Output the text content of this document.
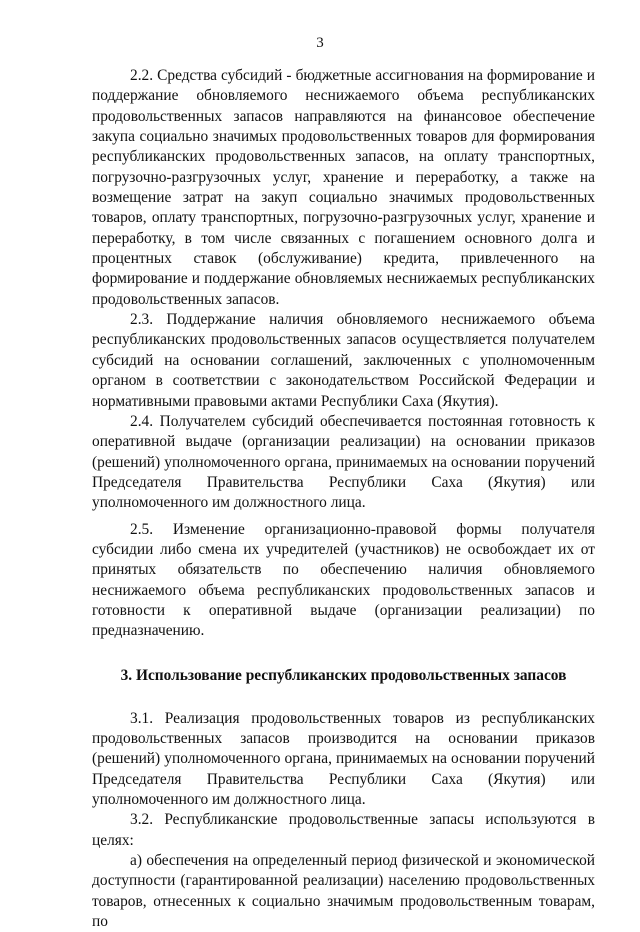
3

2.2. Средства субсидий - бюджетные ассигнования на формирование и поддержание обновляемого неснижаемого объема республиканских продовольственных запасов направляются на финансовое обеспечение закупа социально значимых продовольственных товаров для формирования республиканских продовольственных запасов, на оплату транспортных, погрузочно-разгрузочных услуг, хранение и переработку, а также на возмещение затрат на закуп социально значимых продовольственных товаров, оплату транспортных, погрузочно-разгрузочных услуг, хранение и переработку, в том числе связанных с погашением основного долга и процентных ставок (обслуживание) кредита, привлеченного на формирование и поддержание обновляемых неснижаемых республиканских продовольственных запасов.

2.3. Поддержание наличия обновляемого неснижаемого объема республиканских продовольственных запасов осуществляется получателем субсидий на основании соглашений, заключенных с уполномоченным органом в соответствии с законодательством Российской Федерации и нормативными правовыми актами Республики Саха (Якутия).

2.4. Получателем субсидий обеспечивается постоянная готовность к оперативной выдаче (организации реализации) на основании приказов (решений) уполномоченного органа, принимаемых на основании поручений Председателя Правительства Республики Саха (Якутия) или уполномоченного им должностного лица.

2.5. Изменение организационно-правовой формы получателя субсидии либо смена их учредителей (участников) не освобождает их от принятых обязательств по обеспечению наличия обновляемого неснижаемого объема республиканских продовольственных запасов и готовности к оперативной выдаче (организации реализации) по предназначению.

3. Использование республиканских продовольственных запасов

3.1. Реализация продовольственных товаров из республиканских продовольственных запасов производится на основании приказов (решений) уполномоченного органа, принимаемых на основании поручений Председателя Правительства Республики Саха (Якутия) или уполномоченного им должностного лица.

3.2. Республиканские продовольственные запасы используются в целях:

а) обеспечения на определенный период физической и экономической доступности (гарантированной реализации) населению продовольственных товаров, отнесенных к социально значимым продовольственным товарам, по
